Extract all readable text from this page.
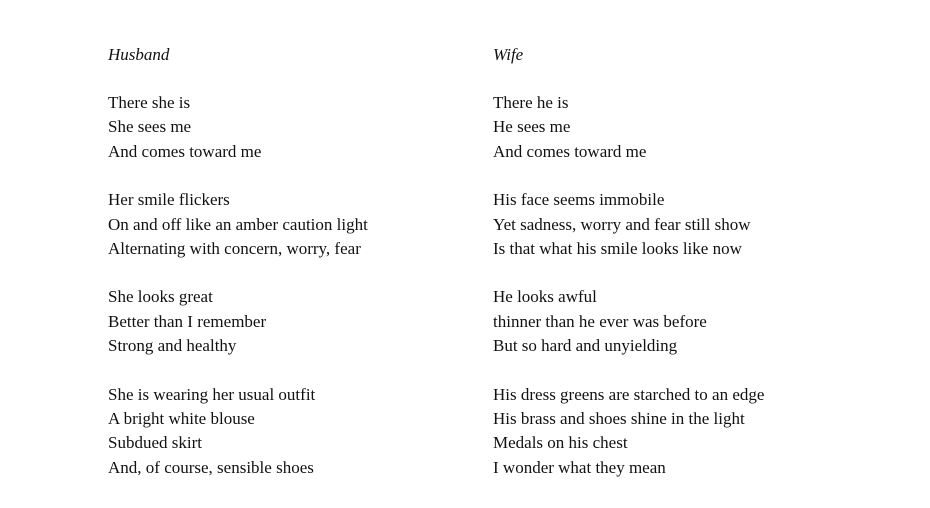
Husband
There she is
She sees me
And comes toward me
Her smile flickers
On and off like an amber caution light
Alternating with concern, worry, fear
She looks great
Better than I remember
Strong and healthy
She is wearing her usual outfit
A bright white blouse
Subdued skirt
And, of course, sensible shoes
Wife
There he is
He sees me
And comes toward me
His face seems immobile
Yet sadness, worry and fear still show
Is that what his smile looks like now
He looks awful
thinner than he ever was before
But so hard and unyielding
His dress greens are starched to an edge
His brass and shoes shine in the light
Medals on his chest
I wonder what they mean
